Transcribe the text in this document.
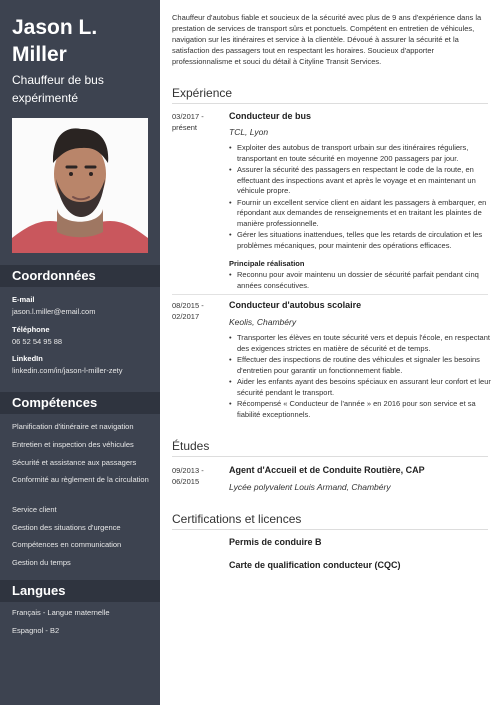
Jason L. Miller
Chauffeur de bus expérimenté
Coordonnées
E-mail
jason.l.miller@email.com
Téléphone
06 52 54 95 88
LinkedIn
linkedin.com/in/jason-l-miller-zety
Compétences
Planification d'itinéraire et navigation
Entretien et inspection des véhicules
Sécurité et assistance aux passagers
Conformité au règlement de la circulation
Service client
Gestion des situations d'urgence
Compétences en communication
Gestion du temps
Langues
Français - Langue maternelle
Espagnol - B2
Chauffeur d'autobus fiable et soucieux de la sécurité avec plus de 9 ans d'expérience dans la prestation de services de transport sûrs et ponctuels. Compétent en entretien de véhicules, navigation sur les itinéraires et service à la clientèle. Dévoué à assurer la sécurité et la satisfaction des passagers tout en respectant les horaires. Soucieux d'apporter professionnalisme et souci du détail à Cityline Transit Services.
Expérience
03/2017 - présent
Conducteur de bus
TCL, Lyon
• Exploiter des autobus de transport urbain sur des itinéraires réguliers, transportant en toute sécurité en moyenne 200 passagers par jour.
• Assurer la sécurité des passagers en respectant le code de la route, en effectuant des inspections avant et après le voyage et en maintenant un véhicule propre.
• Fournir un excellent service client en aidant les passagers à embarquer, en répondant aux demandes de renseignements et en traitant les plaintes de manière professionnelle.
• Gérer les situations inattendues, telles que les retards de circulation et les problèmes mécaniques, pour maintenir des opérations efficaces.
Principale réalisation
• Reconnu pour avoir maintenu un dossier de sécurité parfait pendant cinq années consécutives.
08/2015 - 02/2017
Conducteur d'autobus scolaire
Keolis, Chambéry
• Transporter les élèves en toute sécurité vers et depuis l'école, en respectant des exigences strictes en matière de sécurité et de temps.
• Effectuer des inspections de routine des véhicules et signaler les besoins d'entretien pour garantir un fonctionnement fiable.
• Aider les enfants ayant des besoins spéciaux en assurant leur confort et leur sécurité pendant le transport.
• Récompensé « Conducteur de l'année » en 2016 pour son service et sa fiabilité exceptionnels.
Études
09/2013 - 06/2015
Agent d'Accueil et de Conduite Routière, CAP
Lycée polyvalent Louis Armand, Chambéry
Certifications et licences
Permis de conduire B
Carte de qualification conducteur (CQC)
